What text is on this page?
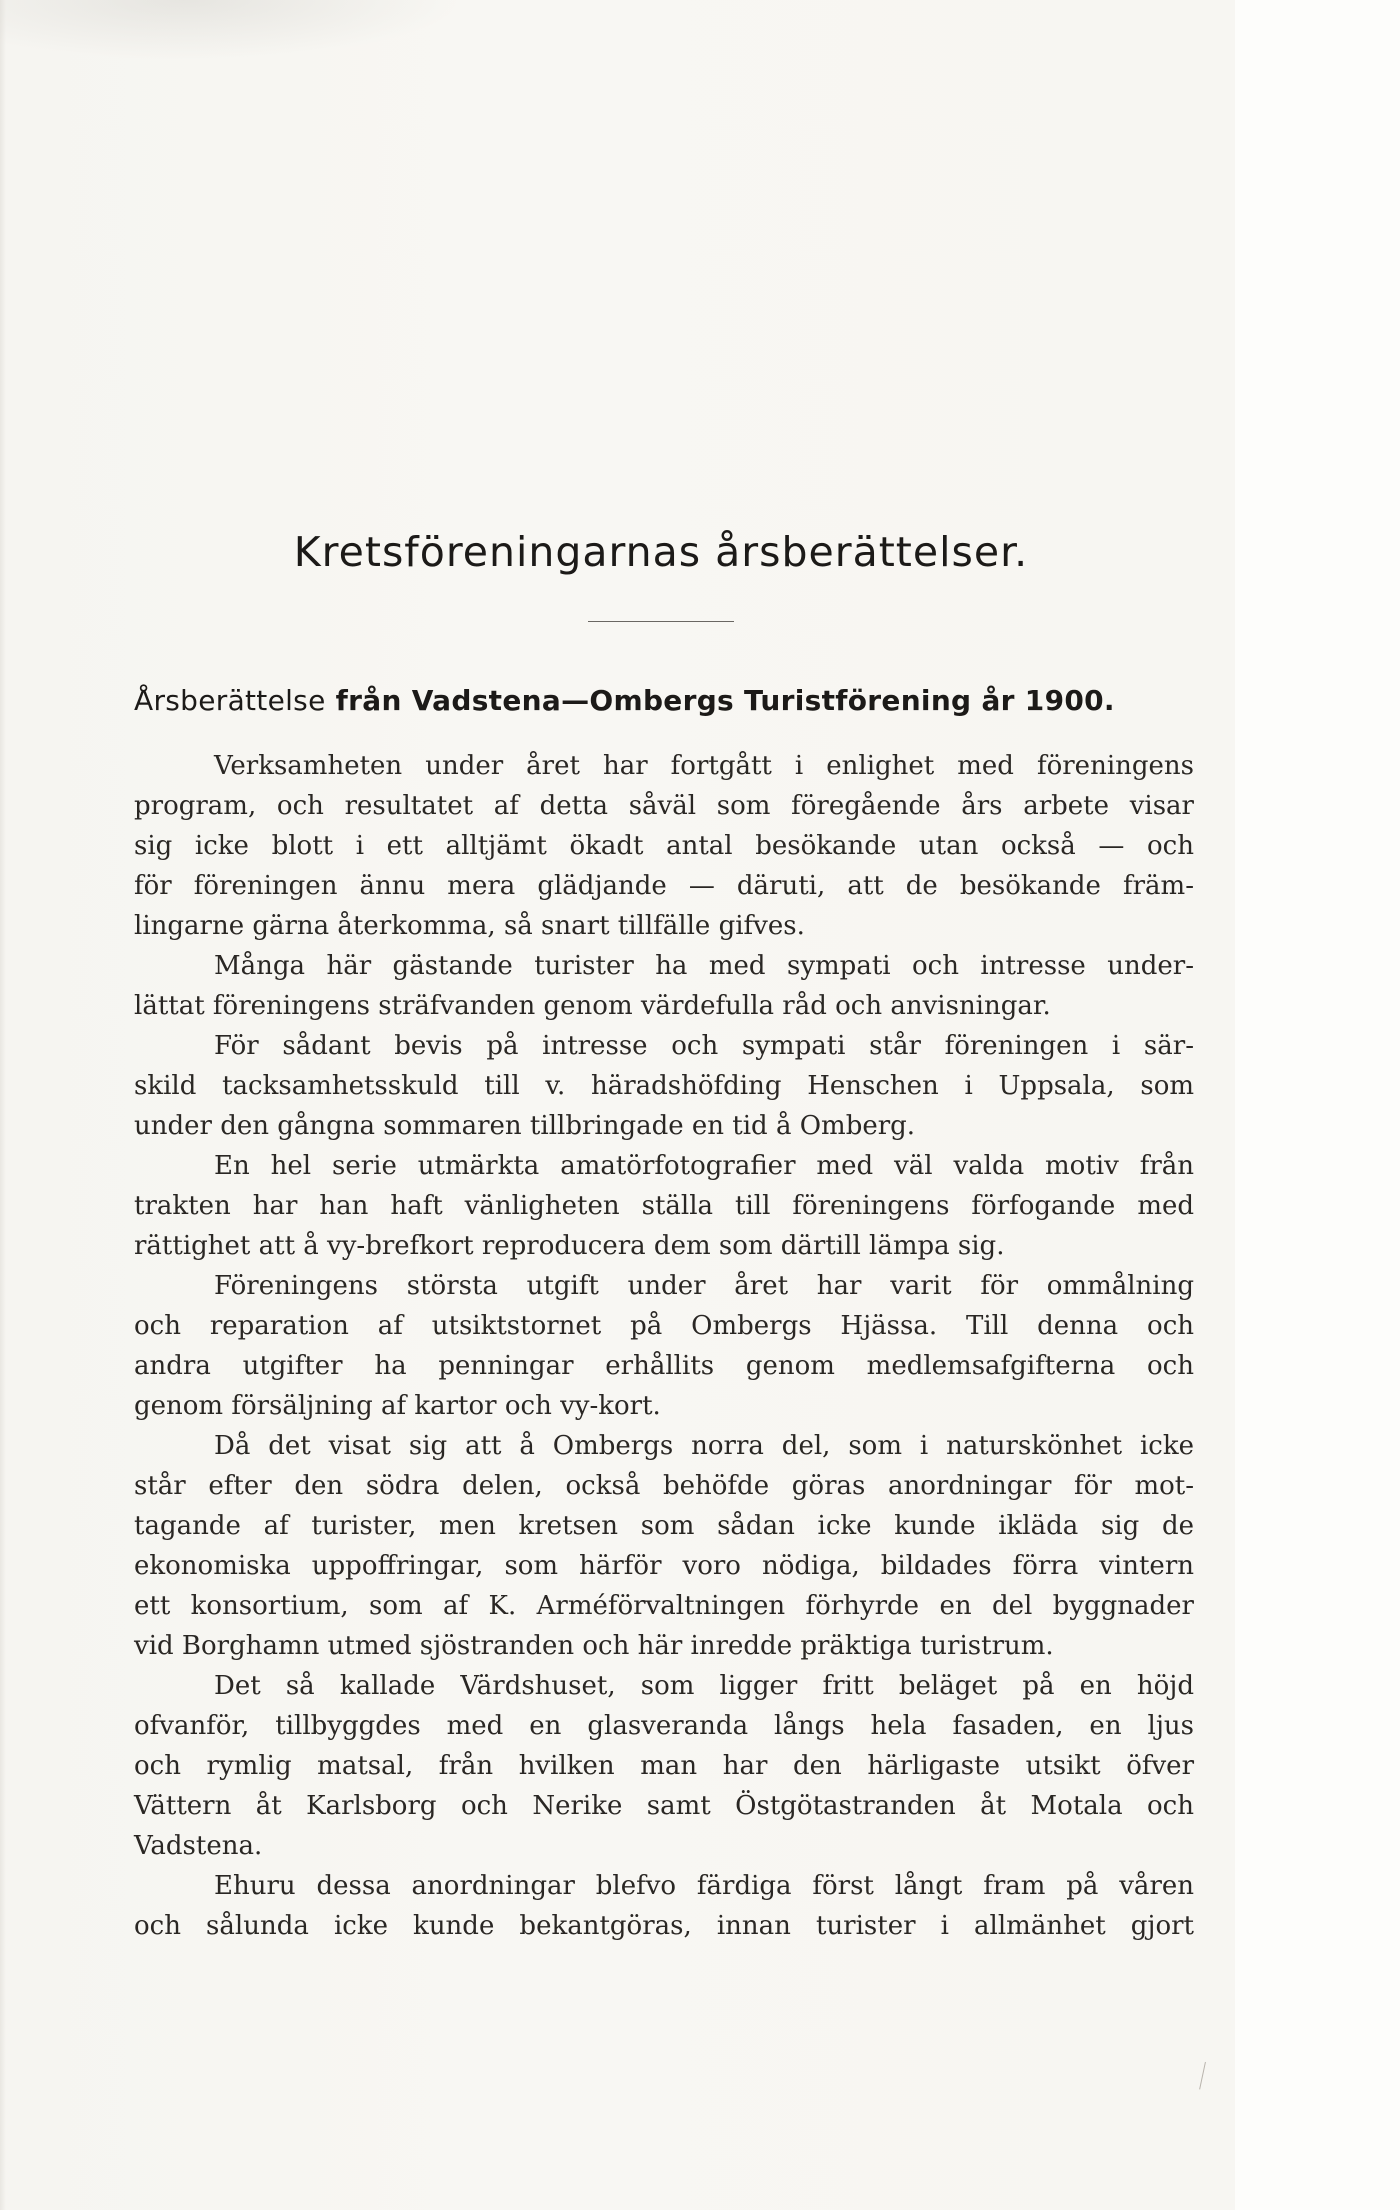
Kretsföreningarnas årsberättelser.
Årsberättelse från Vadstena—Ombergs Turistförening år 1900.
Verksamheten under året har fortgått i enlighet med föreningens
program, och resultatet af detta såväl som föregående års arbete visar
sig icke blott i ett alltjämt ökadt antal besökande utan också — och
för föreningen ännu mera glädjande — däruti, att de besökande främ-
lingarne gärna återkomma, så snart tillfälle gifves.
Många här gästande turister ha med sympati och intresse under-
lättat föreningens sträfvanden genom värdefulla råd och anvisningar.
För sådant bevis på intresse och sympati står föreningen i sär-
skild tacksamhetsskuld till v. häradshöfding Henschen i Uppsala, som
under den gångna sommaren tillbringade en tid å Omberg.
En hel serie utmärkta amatörfotografier med väl valda motiv från
trakten har han haft vänligheten ställa till föreningens förfogande med
rättighet att å vy-brefkort reproducera dem som därtill lämpa sig.
Föreningens största utgift under året har varit för ommålning
och reparation af utsiktstornet på Ombergs Hjässa. Till denna och
andra utgifter ha penningar erhållits genom medlemsafgifterna och
genom försäljning af kartor och vy-kort.
Då det visat sig att å Ombergs norra del, som i naturskönhet icke
står efter den södra delen, också behöfde göras anordningar för mot-
tagande af turister, men kretsen som sådan icke kunde ikläda sig de
ekonomiska uppoffringar, som härför voro nödiga, bildades förra vintern
ett konsortium, som af K. Arméförvaltningen förhyrde en del byggnader
vid Borghamn utmed sjöstranden och här inredde präktiga turistrum.
Det så kallade Värdshuset, som ligger fritt beläget på en höjd
ofvanför, tillbyggdes med en glasveranda långs hela fasaden, en ljus
och rymlig matsal, från hvilken man har den härligaste utsikt öfver
Vättern åt Karlsborg och Nerike samt Östgötastranden åt Motala och
Vadstena.
Ehuru dessa anordningar blefvo färdiga först långt fram på våren
och sålunda icke kunde bekantgöras, innan turister i allmänhet gjort
